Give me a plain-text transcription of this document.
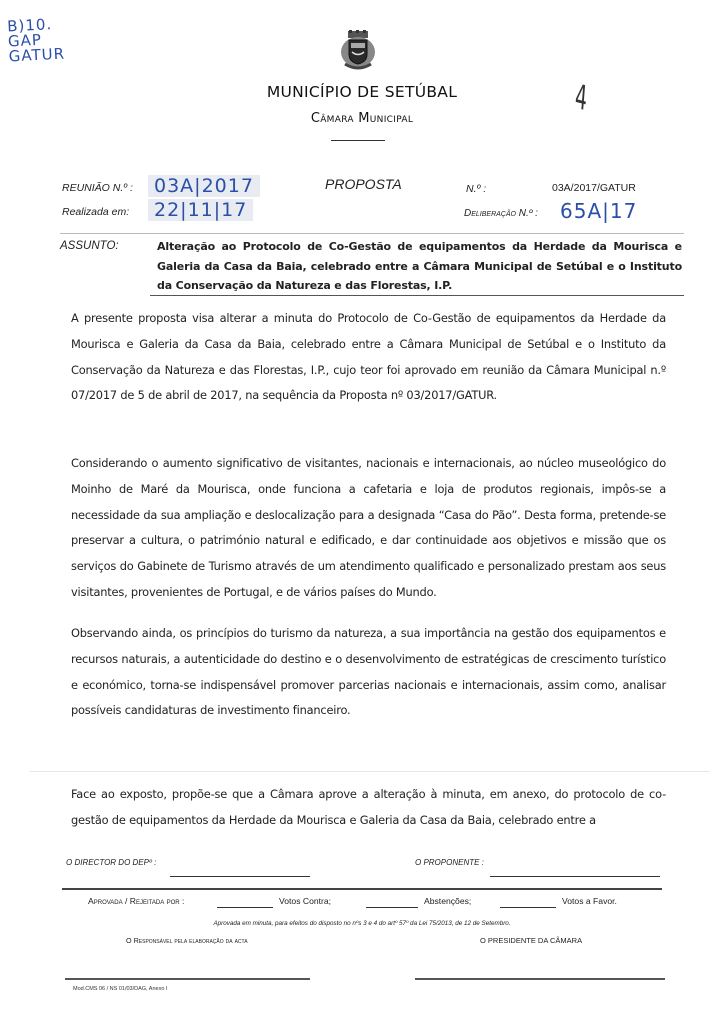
B)10.
GAP
GATUR
MUNICÍPIO DE SETÚBAL
Câmara Municipal	4
REUNIÃO N.º :	03A|2017
Realizada em:	22|11|17
PROPOSTA	N.º :	03A/2017/GATUR
Deliberação N.º : 65A|17
ASSUNTO:	Alteração ao Protocolo de Co-Gestão de equipamentos da Herdade da Mourisca e Galeria da Casa da Baia, celebrado entre a Câmara Municipal de Setúbal e o Instituto da Conservação da Natureza e das Florestas, I.P.
A presente proposta visa alterar a minuta do Protocolo de Co-Gestão de equipamentos da Herdade da Mourisca e Galeria da Casa da Baia, celebrado entre a Câmara Municipal de Setúbal e o Instituto da Conservação da Natureza e das Florestas, I.P., cujo teor foi aprovado em reunião da Câmara Municipal n.º 07/2017 de 5 de abril de 2017, na sequência da Proposta nº 03/2017/GATUR.
Considerando o aumento significativo de visitantes, nacionais e internacionais, ao núcleo museológico do Moinho de Maré da Mourisca, onde funciona a cafetaria e loja de produtos regionais, impôs-se a necessidade da sua ampliação e deslocalização para a designada “Casa do Pão”. Desta forma, pretende-se preservar a cultura, o património natural e edificado, e dar continuidade aos objetivos e missão que os serviços do Gabinete de Turismo através de um atendimento qualificado e personalizado prestam aos seus visitantes, provenientes de Portugal, e de vários países do Mundo.
Observando ainda, os princípios do turismo da natureza, a sua importância na gestão dos equipamentos e recursos naturais, a autenticidade do destino e o desenvolvimento de estratégicas de crescimento turístico e económico, torna-se indispensável promover parcerias nacionais e internacionais, assim como, analisar possíveis candidaturas de investimento financeiro.
Face ao exposto, propõe-se que a Câmara aprove a alteração à minuta, em anexo, do protocolo de co-gestão de equipamentos da Herdade da Mourisca e Galeria da Casa da Baia, celebrado entre a
O DIRECTOR DO DEPº :	O PROPONENTE :
Aprovada / Rejeitada por :	Votos Contra;	Abstenções;	Votos a Favor.
Aprovada em minuta, para efeitos do disposto no nºs 3 e 4 do artº 57º da Lei 75/2013, de 12 de Setembro.
O Responsável pela elaboração da acta	O PRESIDENTE DA CÂMARA
Mod.CMS 06 / NS 01/03/DAG, Anexo I
